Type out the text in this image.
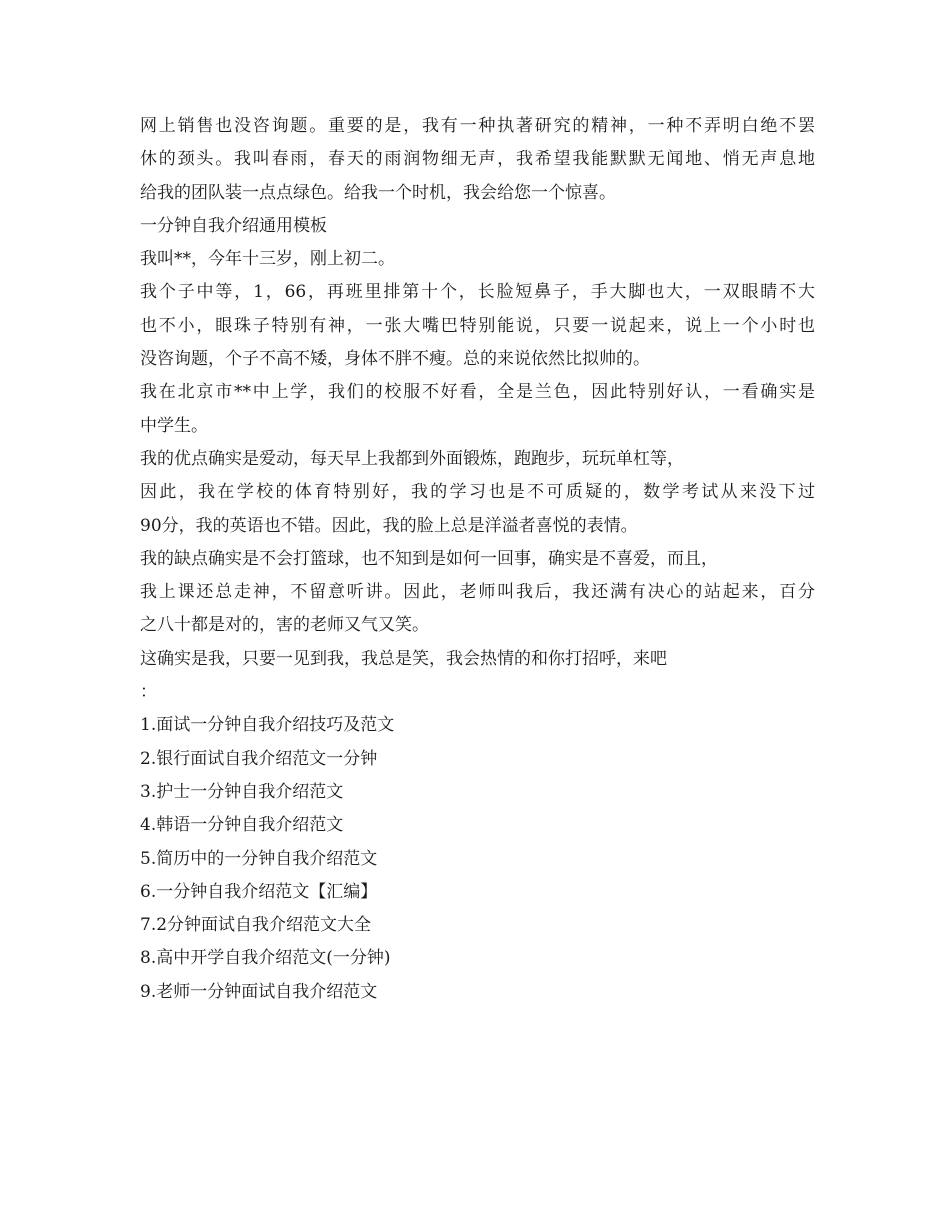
网上销售也没咨询题。重要的是，我有一种执著研究的精神，一种不弄明白绝不罢

休的颈头。我叫春雨，春天的雨润物细无声，我希望我能默默无闻地、悄无声息地

给我的团队装一点点绿色。给我一个时机，我会给您一个惊喜。

一分钟自我介绍通用模板

我叫**，今年十三岁，刚上初二。

我个子中等，1，66，再班里排第十个，长脸短鼻子，手大脚也大，一双眼睛不大

也不小，眼珠子特别有神，一张大嘴巴特别能说，只要一说起来，说上一个小时也

没咨询题，个子不高不矮，身体不胖不瘦。总的来说依然比拟帅的。

我在北京市**中上学，我们的校服不好看，全是兰色，因此特别好认，一看确实是

中学生。

我的优点确实是爱动，每天早上我都到外面锻炼，跑跑步，玩玩单杠等，

因此，我在学校的体育特别好，我的学习也是不可质疑的，数学考试从来没下过

90分，我的英语也不错。因此，我的脸上总是洋溢者喜悦的表情。

我的缺点确实是不会打篮球，也不知到是如何一回事，确实是不喜爱，而且，

我上课还总走神，不留意听讲。因此，老师叫我后，我还满有决心的站起来，百分

之八十都是对的，害的老师又气又笑。

这确实是我，只要一见到我，我总是笑，我会热情的和你打招呼，来吧

：

1.面试一分钟自我介绍技巧及范文

2.银行面试自我介绍范文一分钟

3.护士一分钟自我介绍范文

4.韩语一分钟自我介绍范文

5.简历中的一分钟自我介绍范文

6.一分钟自我介绍范文【汇编】

7.2分钟面试自我介绍范文大全

8.高中开学自我介绍范文(一分钟)

9.老师一分钟面试自我介绍范文
